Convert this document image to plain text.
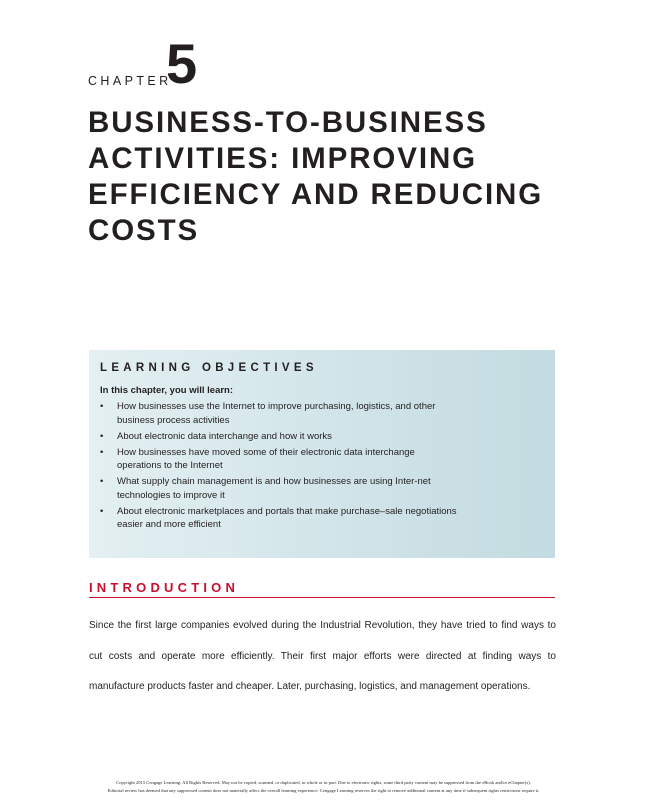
CHAPTER
5
BUSINESS-TO-BUSINESS ACTIVITIES: IMPROVING EFFICIENCY AND REDUCING COSTS
LEARNING OBJECTIVES
In this chapter, you will learn:
• How businesses use the Internet to improve purchasing, logistics, and other business process activities
• About electronic data interchange and how it works
• How businesses have moved some of their electronic data interchange operations to the Internet
• What supply chain management is and how businesses are using Inter-net technologies to improve it
• About electronic marketplaces and portals that make purchase–sale negotiations easier and more efficient
INTRODUCTION

Since the first large companies evolved during the Industrial Revolution, they have tried to find ways to cut costs and operate more efficiently. Their first major efforts were directed at finding ways to manufacture products faster and cheaper. Later, purchasing, logistics, and management operations.

Copyright 2015 Cengage Learning. All Rights Reserved. May not be copied, scanned, or duplicated, in whole or in part. Due to electronic rights, some third party content may be suppressed from the eBook and/or eChapter(s).
Editorial review has deemed that any suppressed content does not materially affect the overall learning experience. Cengage Learning reserves the right to remove additional content at any time if subsequent rights restrictions require it.
